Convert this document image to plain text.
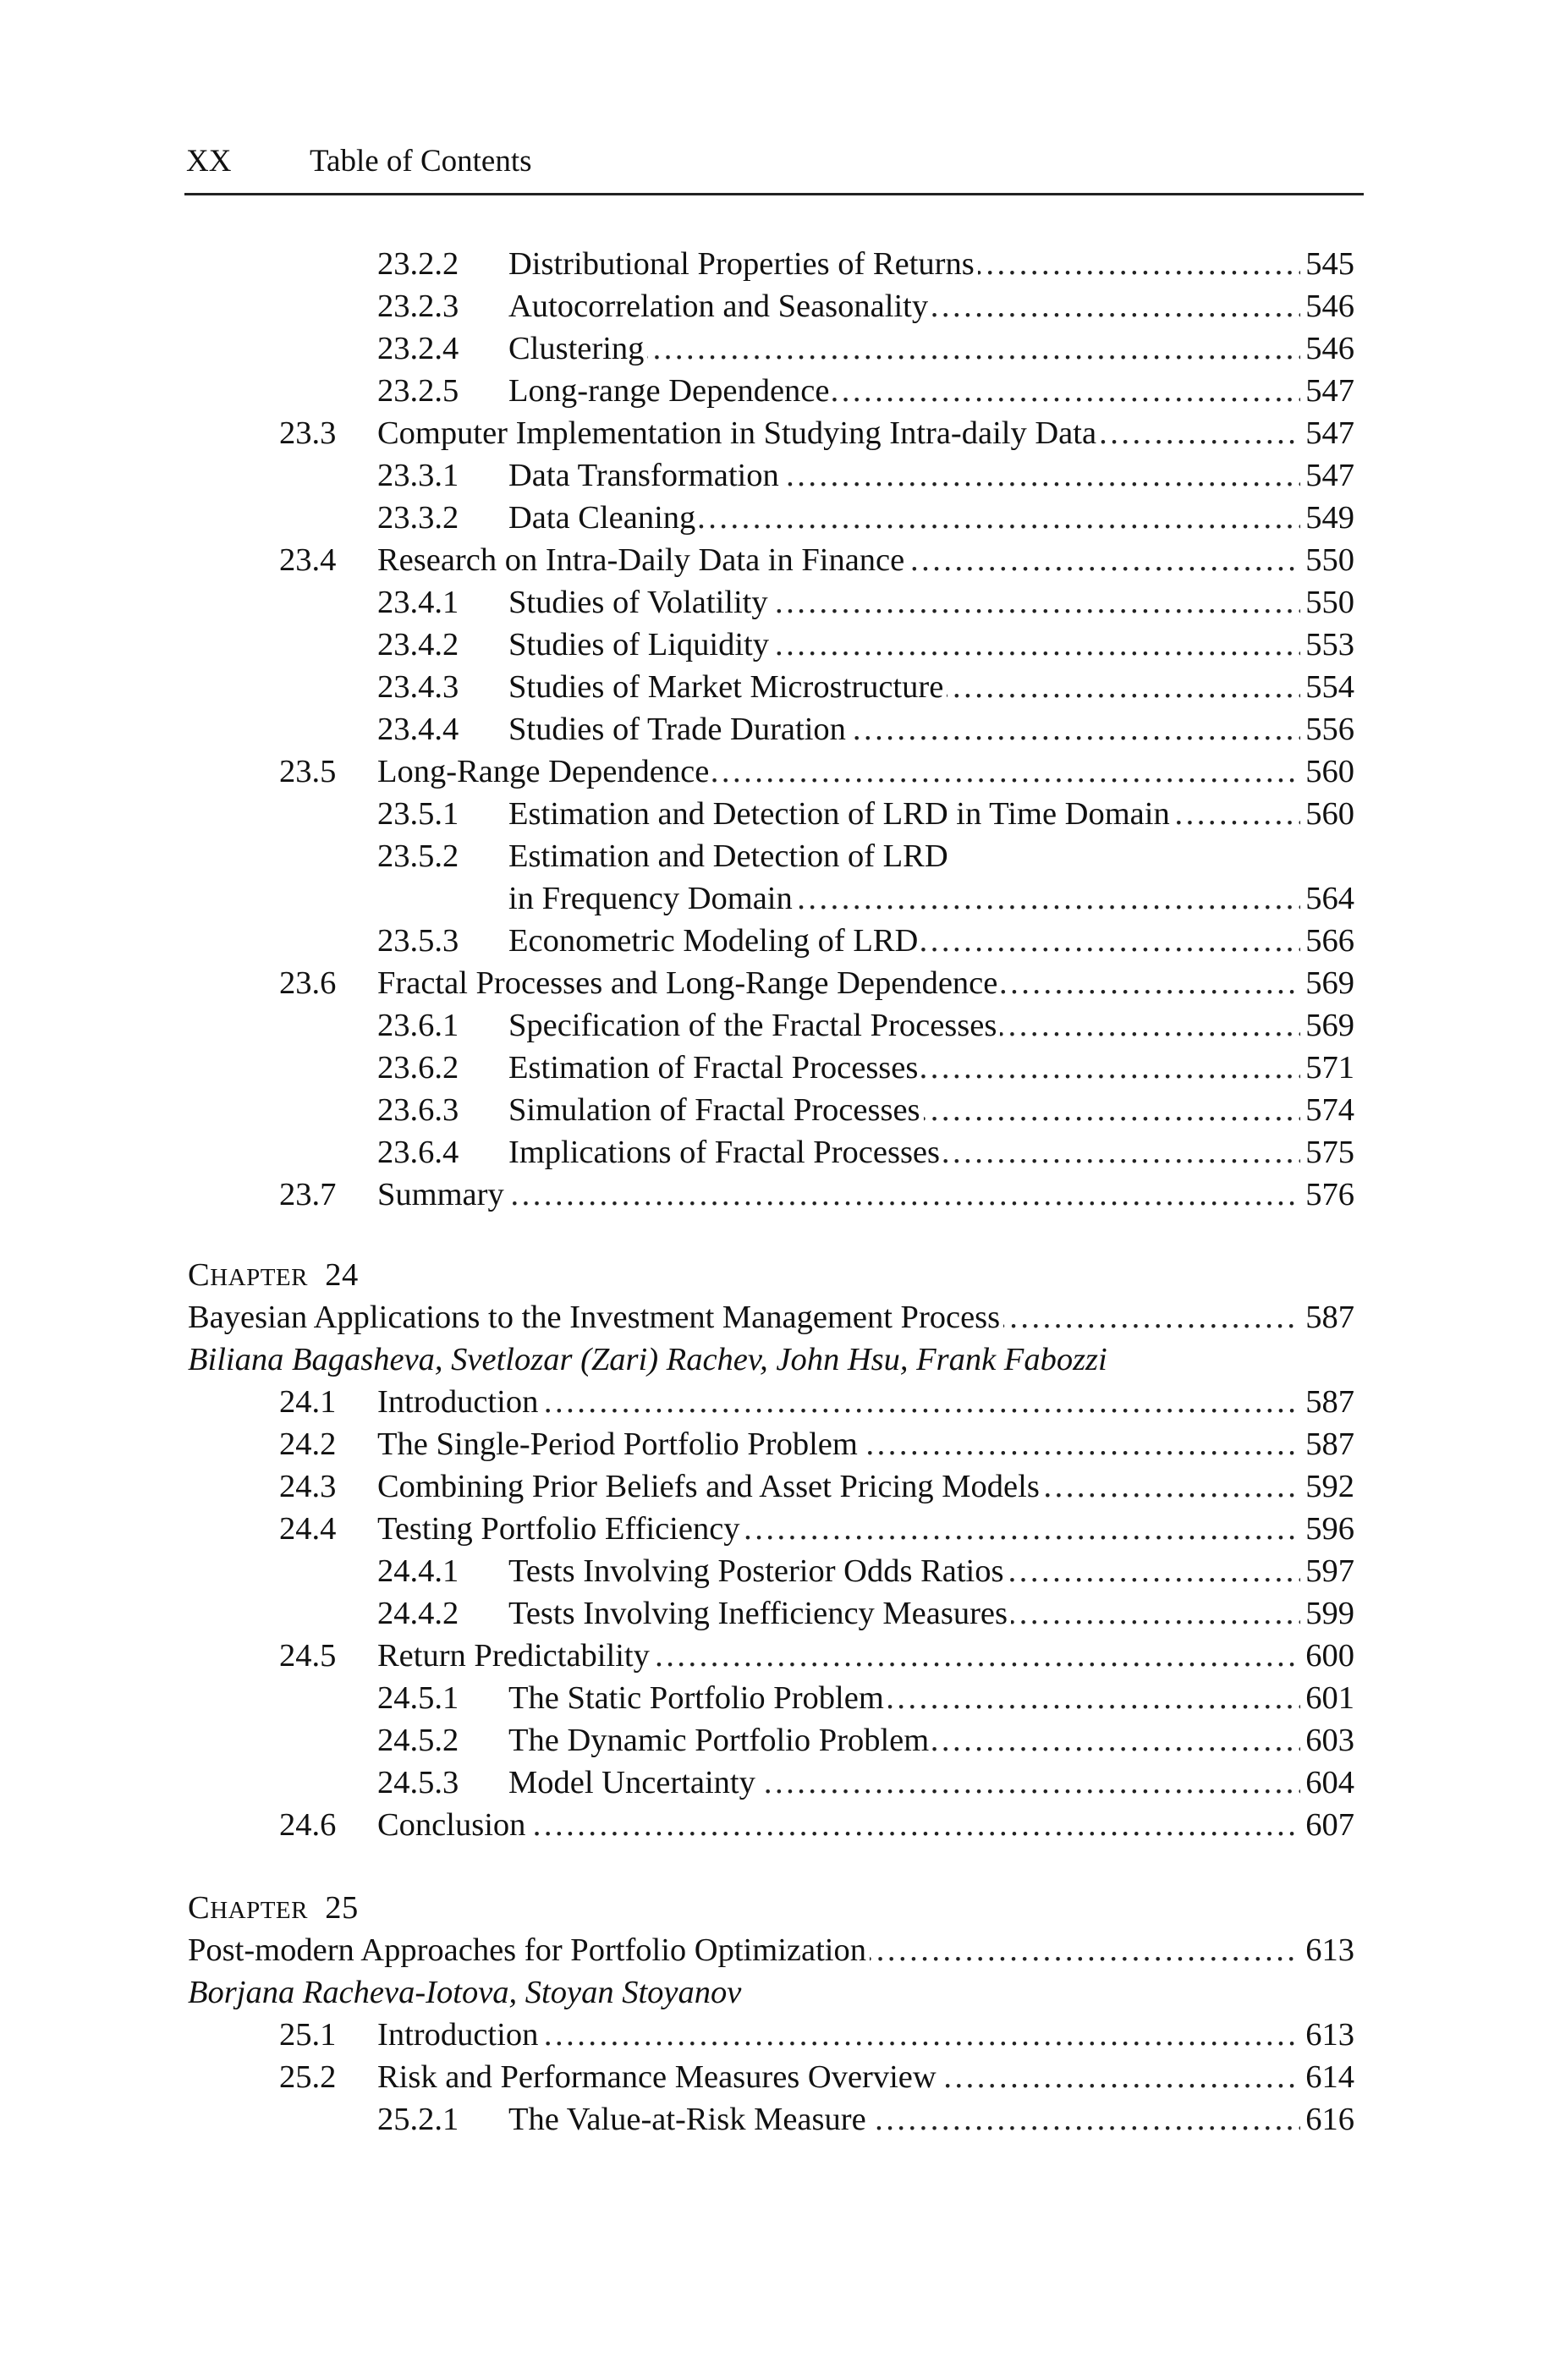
XX	Table of Contents
23.2.2 Distributional Properties of Returns .....	545
23.2.3 Autocorrelation and Seasonality .....	546
23.2.4 Clustering .....	546
23.2.5 Long-range Dependence .....	547
23.3 Computer Implementation in Studying Intra-daily Data .....	547
23.3.1 Data Transformation .....	547
23.3.2 Data Cleaning .....	549
23.4 Research on Intra-Daily Data in Finance .....	550
23.4.1 Studies of Volatility .....	550
23.4.2 Studies of Liquidity .....	553
23.4.3 Studies of Market Microstructure .....	554
23.4.4 Studies of Trade Duration .....	556
23.5 Long-Range Dependence .....	560
23.5.1 Estimation and Detection of LRD in Time Domain .....	560
23.5.2 Estimation and Detection of LRD
in Frequency Domain .....	564
23.5.3 Econometric Modeling of LRD .....	566
23.6 Fractal Processes and Long-Range Dependence .....	569
23.6.1 Specification of the Fractal Processes .....	569
23.6.2 Estimation of Fractal Processes .....	571
23.6.3 Simulation of Fractal Processes .....	574
23.6.4 Implications of Fractal Processes .....	575
23.7 Summary .....	576
CHAPTER 24
Bayesian Applications to the Investment Management Process .....	587
Biliana Bagasheva, Svetlozar (Zari) Rachev, John Hsu, Frank Fabozzi
24.1 Introduction .....	587
24.2 The Single-Period Portfolio Problem .....	587
24.3 Combining Prior Beliefs and Asset Pricing Models .....	592
24.4 Testing Portfolio Efficiency .....	596
24.4.1 Tests Involving Posterior Odds Ratios .....	597
24.4.2 Tests Involving Inefficiency Measures .....	599
24.5 Return Predictability .....	600
24.5.1 The Static Portfolio Problem .....	601
24.5.2 The Dynamic Portfolio Problem .....	603
24.5.3 Model Uncertainty .....	604
24.6 Conclusion .....	607
CHAPTER 25
Post-modern Approaches for Portfolio Optimization .....	613
Borjana Racheva-Iotova, Stoyan Stoyanov
25.1 Introduction .....	613
25.2 Risk and Performance Measures Overview .....	614
25.2.1 The Value-at-Risk Measure .....	616
